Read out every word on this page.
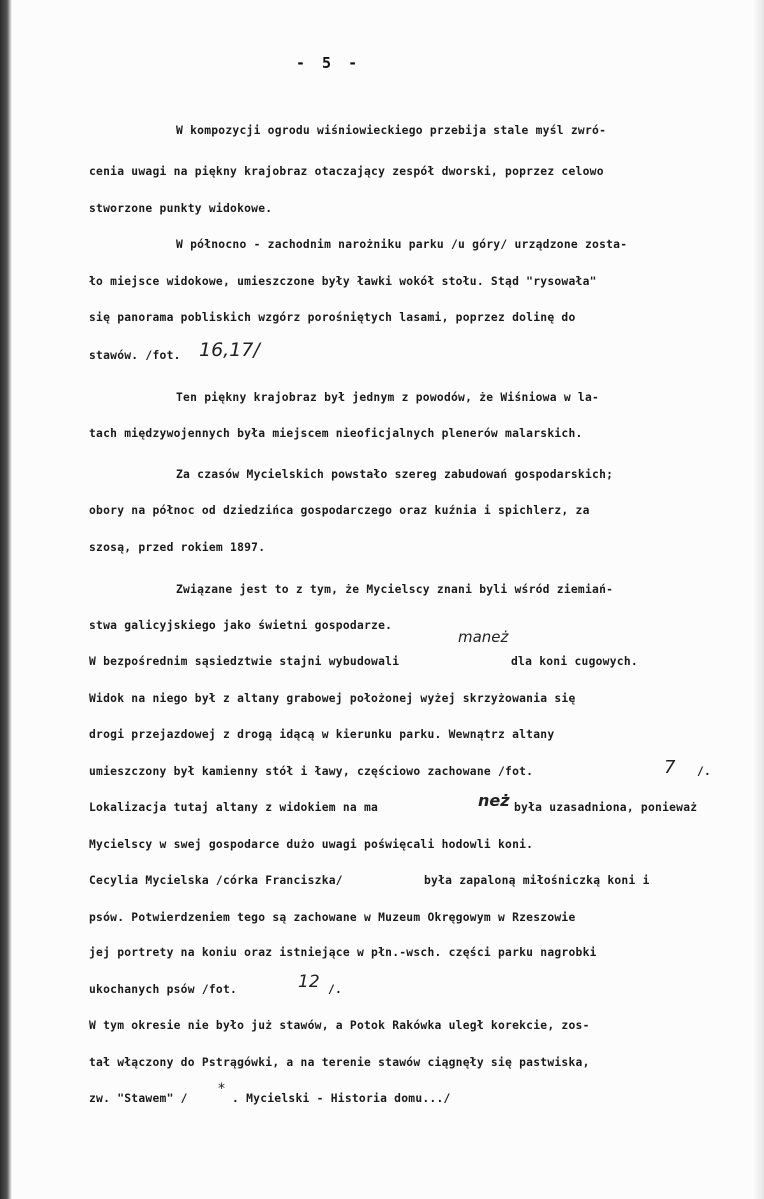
- 5 -
W kompozycji ogrodu wiśniowieckiego przebija stale myśl zwró-
cenia uwagi na piękny krajobraz otaczający zespół dworski, poprzez celowo
stworzone punkty widokowe.
W północno - zachodnim narożniku parku /u góry/ urządzone zosta-
ło miejsce widokowe, umieszczone były ławki wokół stołu. Stąd "rysowała"
się panorama pobliskich wzgórz porośniętych lasami, poprzez dolinę do
stawów. /fot. 16,17/
Ten piękny krajobraz był jednym z powodów, że Wiśniowa w la-
tach międzywojennych była miejscem nieoficjalnych plenerów malarskich.
Za czasów Mycielskich powstało szereg zabudowań gospodarskich;
obory na północ od dziedzińca gospodarczego oraz kuźnia i spichlerz, za
szosą, przed rokiem 1897.
Związane jest to z tym, że Mycielscy znani byli wśród ziemiań-
stwa galicyjskiego jako świetni gospodarze.
maneż
W bezpośrednim sąsiedztwie stajni wybudowali	dla koni cugowych.
Widok na niego był z altany grabowej położonej wyżej skrzyżowania się
drogi przejazdowej z drogą idącą w kierunku parku. Wewnątrz altany
umieszczony był kamienny stół i ławy, częściowo zachowane /fot.	7 /.
Lokalizacja tutaj altany z widokiem na ma	neż była uzasadniona, ponieważ
Mycielscy w swej gospodarce dużo uwagi poświęcali hodowli koni.
Cecylia Mycielska /córka Franciszka/	była zapaloną miłośniczką koni i
psów. Potwierdzeniem tego są zachowane w Muzeum Okręgowym w Rzeszowie
jej portrety na koniu oraz istniejące w płn.-wsch. części parku nagrobki
ukochanych psów /fot.	12 /.
W tym okresie nie było już stawów, a Potok Rakówka uległ korekcie, zos-
tał włączony do Pstrągówki, a na terenie stawów ciągnęły się pastwiska,
zw. "Stawem" /
*
. Mycielski - Historia domu.../
